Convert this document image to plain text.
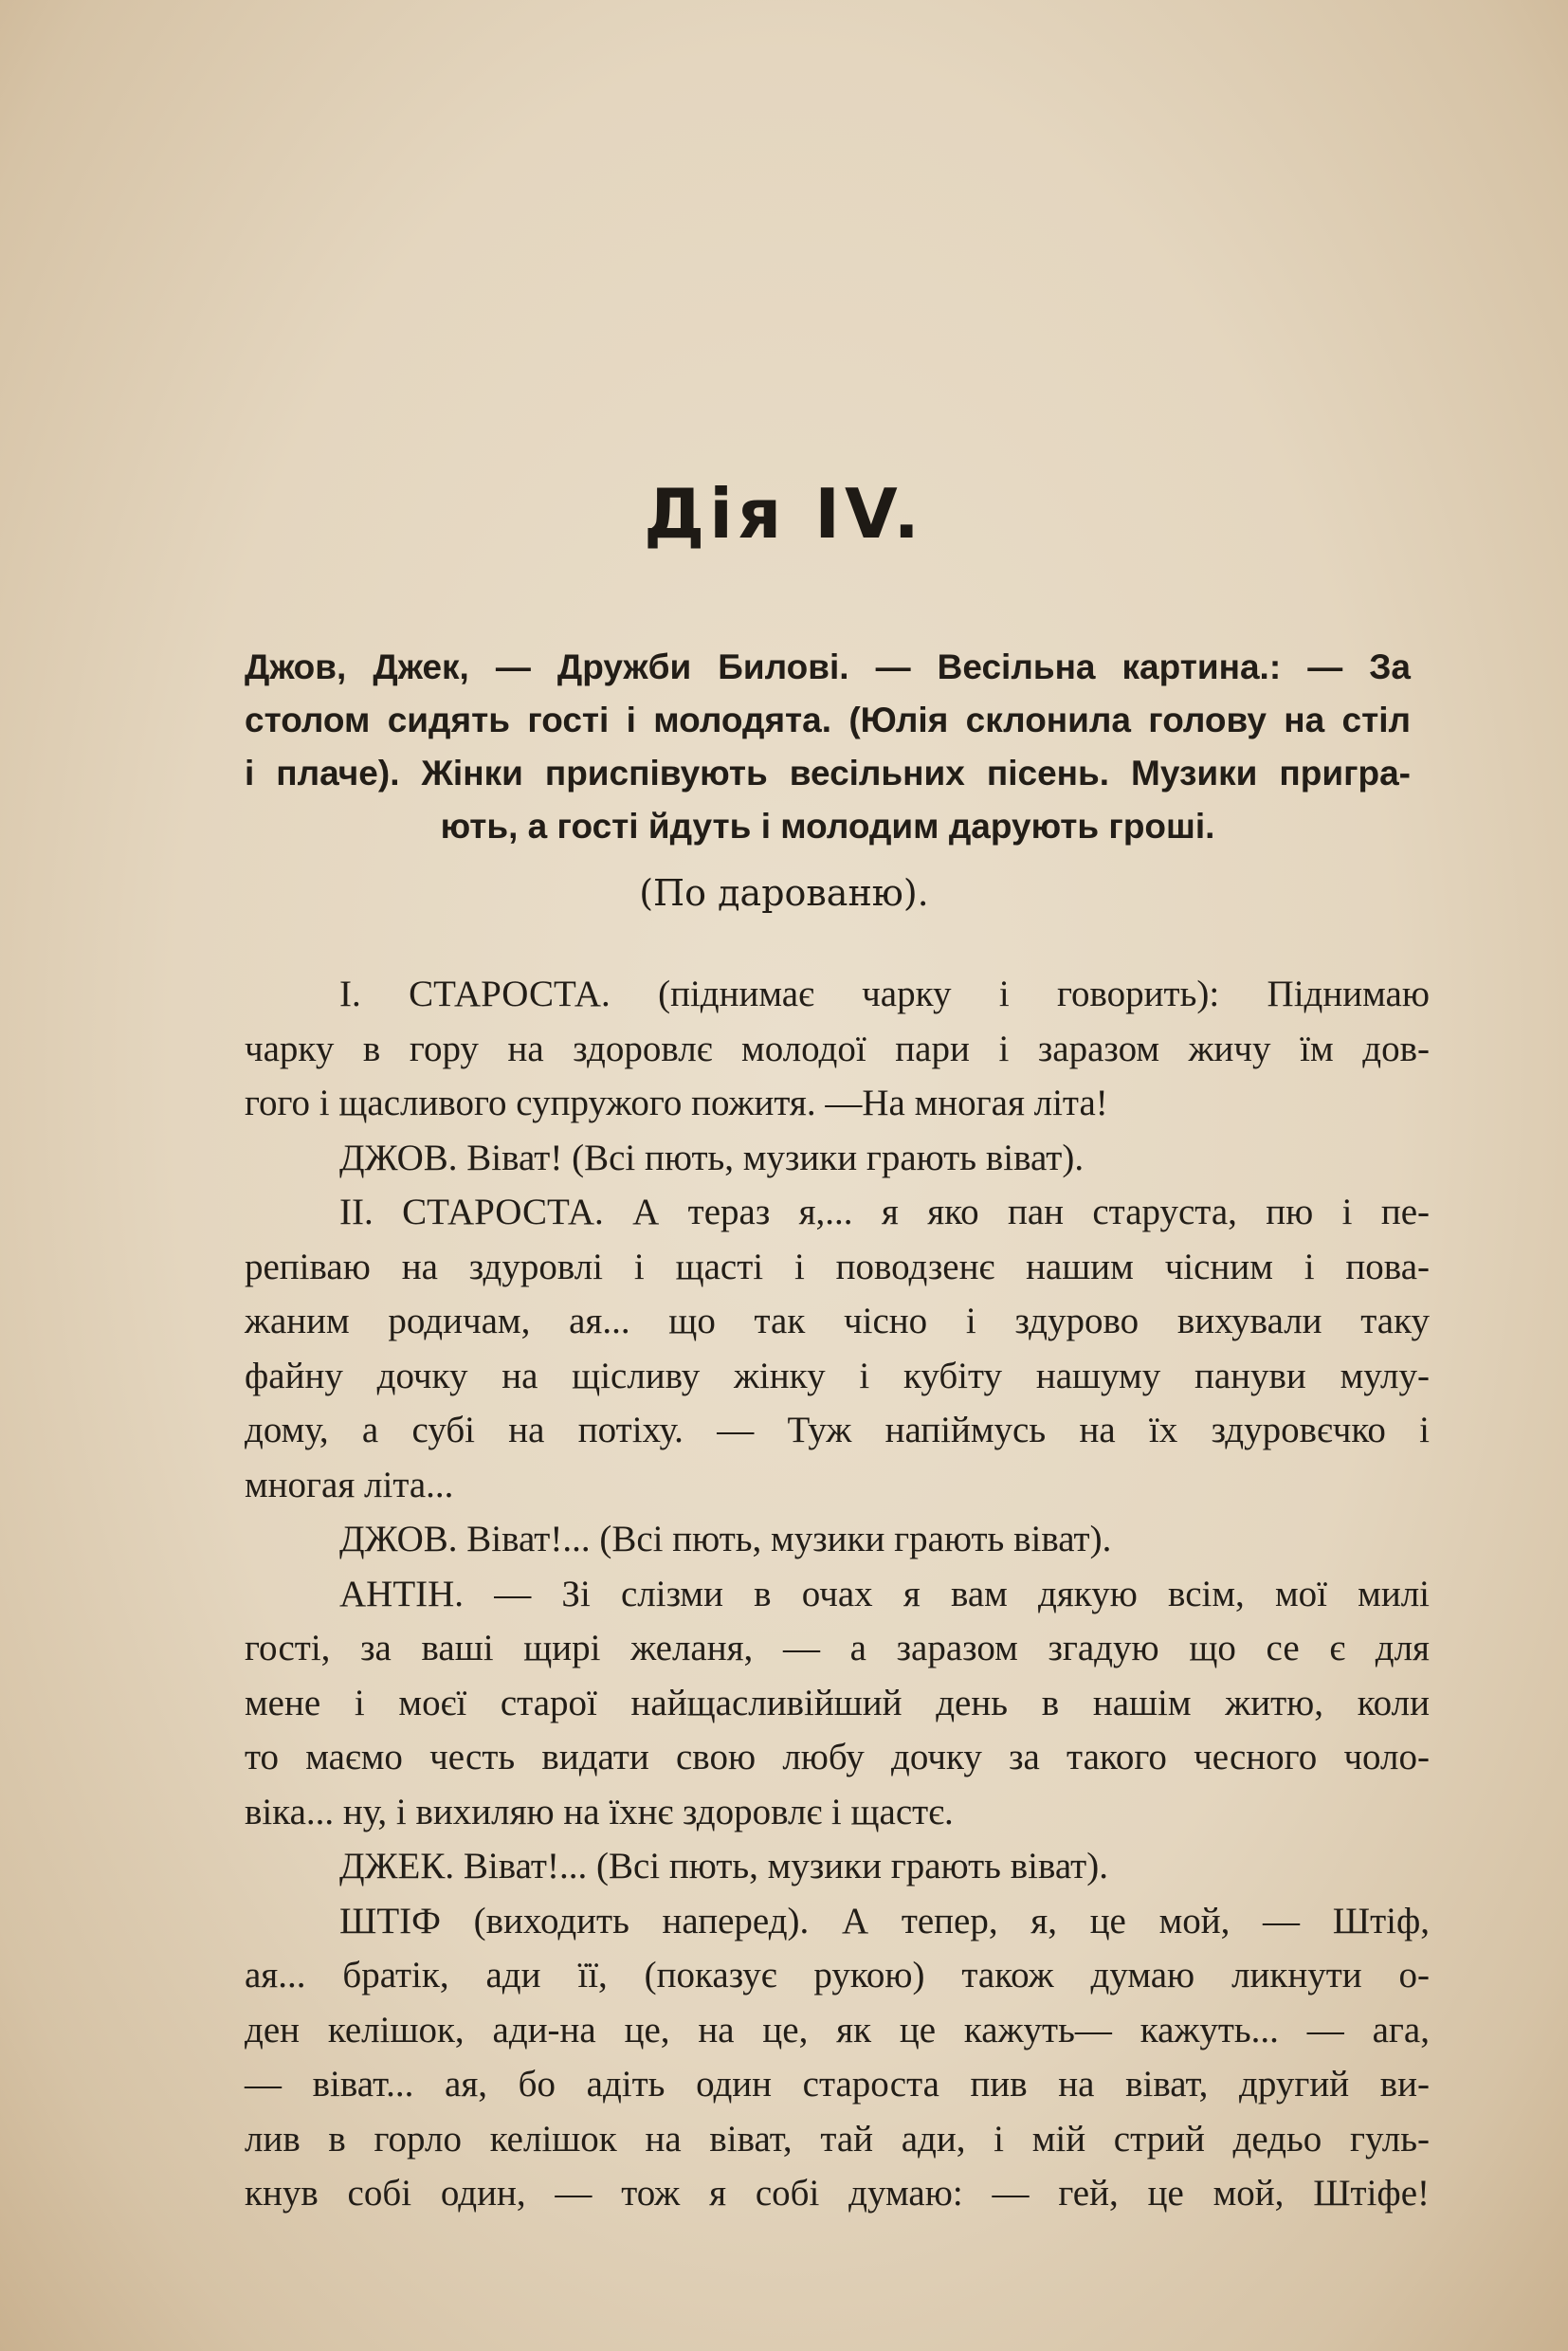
Дія IV.
Джов, Джек, — Дружби Билові. — Весільна картина.: — За
столом сидять гості і молодята. (Юлія склонила голову на стіл
і плаче). Жінки приспівують весільних пісень. Музики пригра-
ють, а гості йдуть і молодим дарують гроші.
(По дарованю).
I. СТАРОСТА. (піднимає чарку і говорить): Піднимаю
чарку в гору на здоровлє молодої пари і заразом жичу їм дов-
гого і щасливого супружого пожитя. —На многая літа!
ДЖОВ. Віват! (Всі пють, музики грають віват).
II. СТАРОСТА. А тераз я,... я яко пан старуста, пю і пе-
репіваю на здуровлі і щасті і поводзенє нашим чісним і пова-
жаним родичам, ая... що так чісно і здурово вихували таку
файну дочку на щісливу жінку і кубіту нашуму пануви мулу-
дому, а субі на потіху. — Туж напіймусь на їх здуровєчко і
многая літа...
ДЖОВ. Віват!... (Всі пють, музики грають віват).
АНТІН. — Зі слізми в очах я вам дякую всім, мої милі
гості, за ваші щирі желаня, — а заразом згадую що се є для
мене і моєї старої найщасливійший день в нашім житю, коли
то маємо честь видати свою любу дочку за такого чесного чоло-
віка... ну, і вихиляю на їхнє здоровлє і щастє.
ДЖЕК. Віват!... (Всі пють, музики грають віват).
ШТІФ (виходить наперед). А тепер, я, це мой, — Штіф,
ая... братік, ади її, (показує рукою) також думаю ликнути о-
ден келішок, ади-на це, на це, як це кажуть— кажуть... — ага,
— віват... ая, бо адіть один староста пив на віват, другий ви-
лив в горло келішок на віват, тай ади, і мій стрий дедьо гуль-
кнув собі один, — тож я собі думаю: — гей, це мой, Штіфе!
